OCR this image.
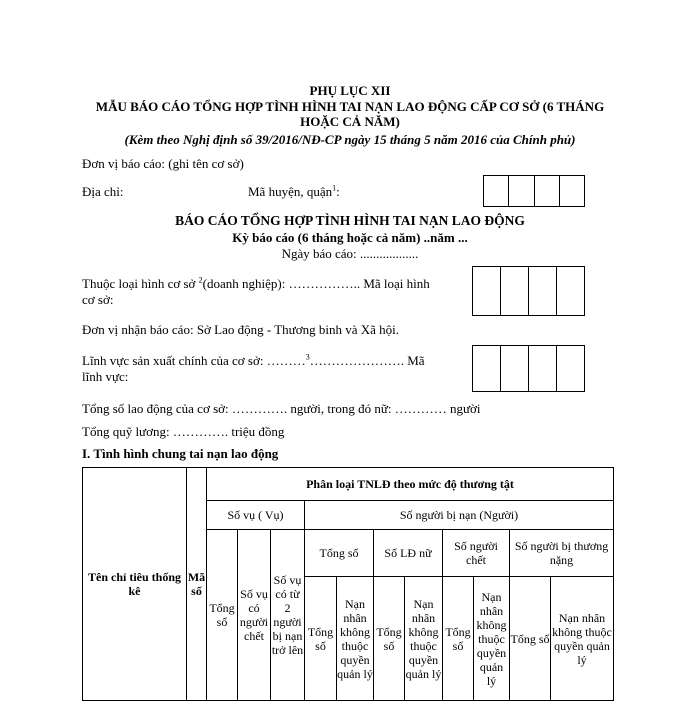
PHỤ LỤC XII
MẪU BÁO CÁO TỔNG HỢP TÌNH HÌNH TAI NẠN LAO ĐỘNG CẤP CƠ SỞ (6 THÁNG
HOẶC CẢ NĂM)
(Kèm theo Nghị định số 39/2016/NĐ-CP ngày 15 tháng 5 năm 2016 của Chính phủ)
Đơn vị báo cáo: (ghi tên cơ sở)
Địa chỉ:	Mã huyện, quận$^1$:
BÁO CÁO TỔNG HỢP TÌNH HÌNH TAI NẠN LAO ĐỘNG
Kỳ báo cáo (6 tháng hoặc cả năm) ..năm ...
Ngày báo cáo: ..................
Thuộc loại hình cơ sở $^2$(doanh nghiệp): …………….. Mã loại hình
cơ sở:
Đơn vị nhận báo cáo: Sở Lao động - Thương binh và Xã hội.
Lĩnh vực sản xuất chính của cơ sở: ………$^3$…………………. Mã
lĩnh vực:
Tổng số lao động của cơ sở: …………. người, trong đó nữ: ………… người
Tổng quỹ lương: …………. triệu đồng
I. Tình hình chung tai nạn lao động
Tên chỉ tiêu thống kê	Mã số	Phân loại TNLĐ theo mức độ thương tật										
		Số vụ ( Vụ)			Số người bị nạn (Người)							
		Tổng số	Số vụ có người chết	Số vụ có từ 2 người bị nạn trở lên	Tổng số		Số LĐ nữ		Số người chết		Số người bị thương nặng	
					Tổng số	Nạn nhân không thuộc quyền quản lý	Tổng số	Nạn nhân không thuộc quyền quản lý	Tổng số	Nạn nhân không thuộc quyền quản lý	Tổng số	Nạn nhân không thuộc quyền quản lý
